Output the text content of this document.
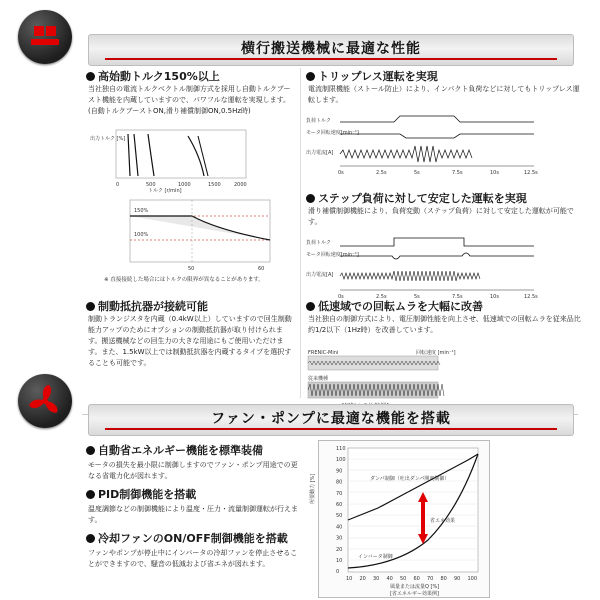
横行搬送機械に最適な性能
高始動トルク150%以上
当社独自の電流トルクベクトル制御方式を採用し自動トルクブースト機能を内蔵していますので、パワフルな運転を実現します。(自動トルクブーストON,滑り補償制御ON,0.5Hz時)
出力トルク [%]
0	500	1000	1500	2000
トルク [r/min]
150%
100%
50	60
※ 直接接続した場合にはトルクの限界が異なることがあります。
トリップレス運転を実現
電流制限機能（ストール防止）により、インパクト負荷などに対してもトリップレス運転します。
負荷トルク
モータ回転速度[min⁻¹]
出力電流[A]
0s	2.5s	5s	7.5s	10s	12.5s
ステップ負荷に対して安定した運転を実現
滑り補償制御機能により、負荷変動（ステップ負荷）に対して安定した運転が可能です。
負荷トルク
モータ回転速度[min⁻¹]
出力電流[A]
0s	2.5s	5s	7.5s	10s	12.5s
制動抵抗器が接続可能
制動トランジスタを内蔵（0.4kW以上）していますので回生制動能力アップのためにオプションの制動抵抗器が取り付けられます。搬送機械などの回生力の大きな用途にもご使用いただけます。また、1.5kW以上では制動抵抗器を内蔵するタイプを選択することも可能です。
低速域での回転ムラを大幅に改善
当社独自の制御方式により、電圧制御性能を向上させ、低速域での回転ムラを従来品比約1/2以下（1Hz時）を改善しています。
FRENIC-Mini	回転速度 [min⁻¹]
従来機種
ファン・ポンプに最適な機能を搭載
自動省エネルギー機能を標準装備
モータの損失を最小限に制御しますのでファン・ポンプ用途での更なる省電力化が図れます。
PID制御機能を搭載
温度調節などの制御機能により温度・圧力・流量制御運転が行えます。
冷却ファンのON/OFF制御機能を搭載
ファンやポンプが停止中にインバータの冷却ファンを停止させることができますので、騒音の低減および省エネが図れます。
所要動力 [%]
110
100
90
80
70
60
50
40
30
20
10
0
ダンパ制御（吐出ダンパ開度制御）
省エネ効果
インバータ制御
10 20 30 40 50 60 70 80 90 100
風量または流量Q [%]
[省エネルギー効果例]
